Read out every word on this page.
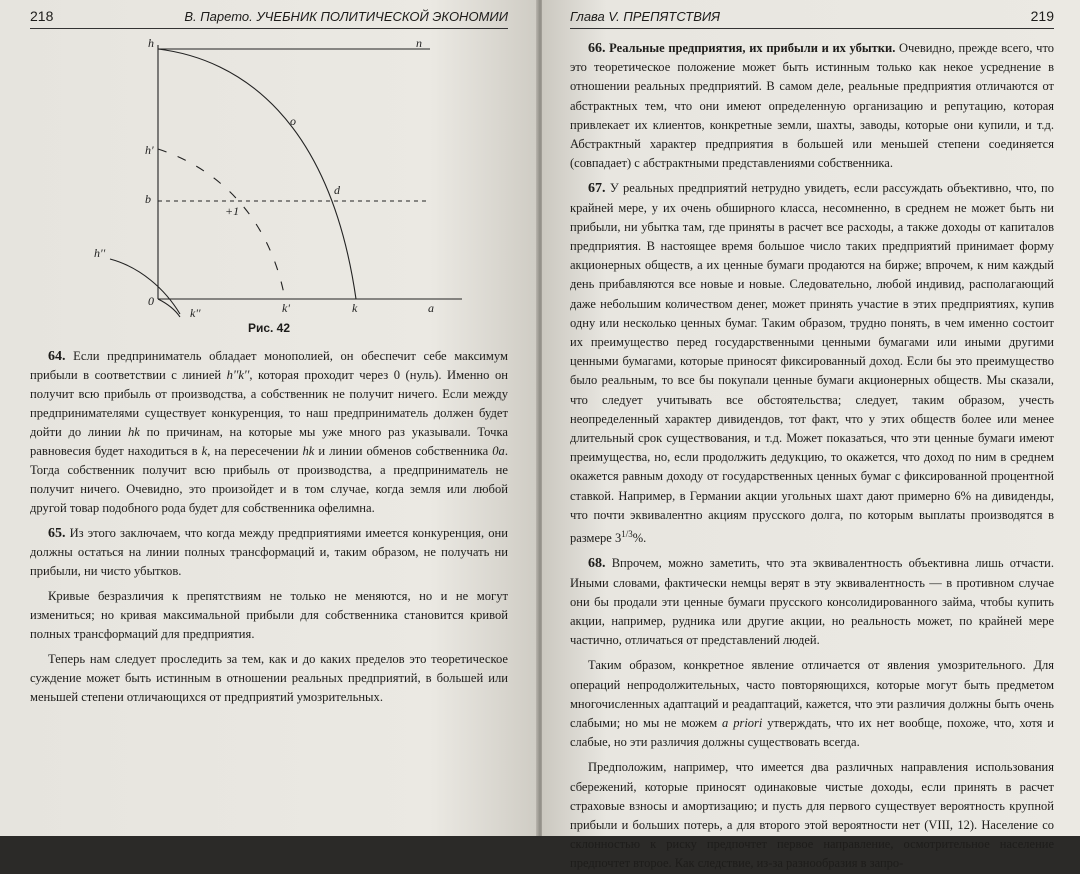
218	В. Парето. УЧЕБНИК ПОЛИТИЧЕСКОЙ ЭКОНОМИИ
h	n
o
h'
b
d
+1
h''
0	k'	k	a
k''
Рис. 42

64. Если предприниматель обладает монополией, он обеспечит себе максимум прибыли в соответствии с линией h''k'', которая проходит через 0 (нуль). Именно он получит всю прибыль от производства, а собственник не получит ничего. Если между предпринимателями существует конкуренция, то наш предприниматель должен будет дойти до линии hk по причинам, на которые мы уже много раз указывали. Точка равновесия будет находиться в k, на пересечении hk и линии обменов собственника 0a. Тогда собственник получит всю прибыль от производства, а предприниматель не получит ничего. Очевидно, это произойдет и в том случае, когда земля или любой другой товар подобного рода будет для собственника офелимна.

65. Из этого заключаем, что когда между предприятиями имеется конкуренция, они должны остаться на линии полных трансформаций и, таким образом, не получать ни прибыли, ни чисто убытков.

Кривые безразличия к препятствиям не только не меняются, но и не могут измениться; но кривая максимальной прибыли для собственника становится кривой полных трансформаций для предприятия.

Теперь нам следует проследить за тем, как и до каких пределов это теоретическое суждение может быть истинным в отношении реальных предприятий, в большей или меньшей степени отличающихся от предприятий умозрительных.

Глава V. ПРЕПЯТСТВИЯ	219

66. Реальные предприятия, их прибыли и их убытки. Очевидно, прежде всего, что это теоретическое положение может быть истинным только как некое усреднение в отношении реальных предприятий. В самом деле, реальные предприятия отличаются от абстрактных тем, что они имеют определенную организацию и репутацию, которая привлекает их клиентов, конкретные земли, шахты, заводы, которые они купили, и т.д. Абстрактный характер предприятия в большей или меньшей степени соединяется (совпадает) с абстрактными представлениями собственника.

67. У реальных предприятий нетрудно увидеть, если рассуждать объективно, что, по крайней мере, у их очень обширного класса, несомненно, в среднем не может быть ни прибыли, ни убытка там, где приняты в расчет все расходы, а также доходы от капиталов предприятия. В настоящее время большое число таких предприятий принимает форму акционерных обществ, а их ценные бумаги продаются на бирже; впрочем, к ним каждый день прибавляются все новые и новые. Следовательно, любой индивид, располагающий даже небольшим количеством денег, может принять участие в этих предприятиях, купив одну или несколько ценных бумаг. Таким образом, трудно понять, в чем именно состоит их преимущество перед государственными ценными бумагами или иными другими ценными бумагами, которые приносят фиксированный доход. Если бы это преимущество было реальным, то все бы покупали ценные бумаги акционерных обществ. Мы сказали, что следует учитывать все обстоятельства; следует, таким образом, учесть неопределенный характер дивидендов, тот факт, что у этих обществ более или менее длительный срок существования, и т.д. Может показаться, что эти ценные бумаги имеют преимущества, но, если продолжить дедукцию, то окажется, что доход по ним в среднем окажется равным доходу от государственных ценных бумаг с фиксированной процентной ставкой. Например, в Германии акции угольных шахт дают примерно 6% на дивиденды, что почти эквивалентно акциям прусского долга, по которым выплаты производятся в размере $3^{1/3}\%$.

68. Впрочем, можно заметить, что эта эквивалентность объективна лишь отчасти. Иными словами, фактически немцы верят в эту эквивалентность — в противном случае они бы продали эти ценные бумаги прусского консолидированного займа, чтобы купить акции, например, рудника или другие акции, но реальность может, по крайней мере частично, отличаться от представлений людей.

Таким образом, конкретное явление отличается от явления умозрительного. Для операций непродолжительных, часто повторяющихся, которые могут быть предметом многочисленных адаптаций и реадаптаций, кажется, что эти различия должны быть очень слабыми; но мы не можем a priori утверждать, что их нет вообще, похоже, что, хотя и слабые, но эти различия должны существовать всегда.

Предположим, например, что имеется два различных направления использования сбережений, которые приносят одинаковые чистые доходы, если принять в расчет страховые взносы и амортизацию; и пусть для первого существует вероятность крупной прибыли и больших потерь, а для второго этой вероятности нет (VIII, 12). Население со склонностью к риску предпочтет первое направление, осмотрительное население предпочтет второе. Как следствие, из-за разнообразия в запро-
